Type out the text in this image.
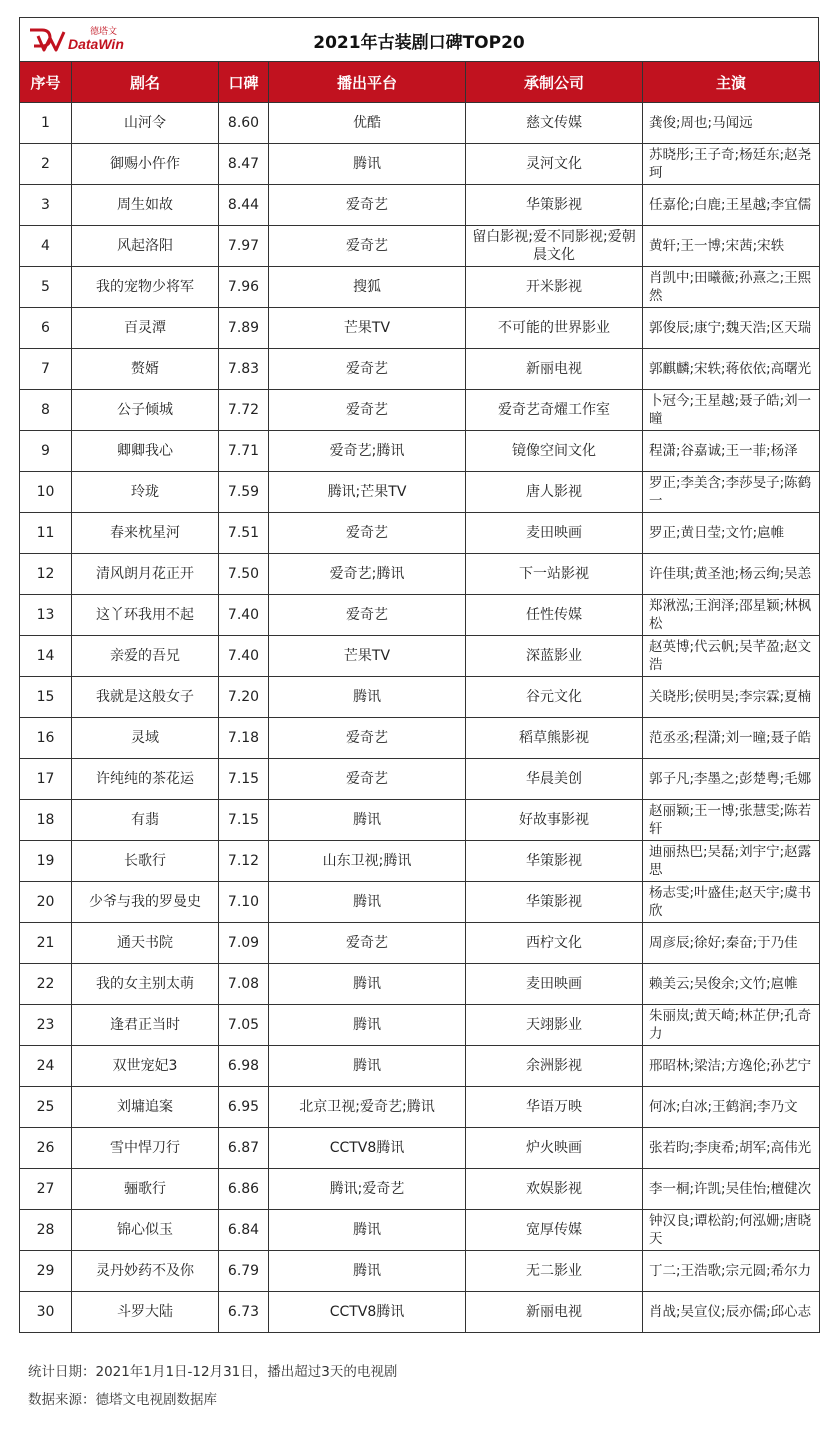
德塔文
DataWin	2021年古装剧口碑TOP20
序号	剧名	口碑	播出平台	承制公司	主演
1	山河令	8.60	优酷	慈文传媒	龚俊;周也;马闻远
2	御赐小仵作	8.47	腾讯	灵河文化	苏晓彤;王子奇;杨廷东;赵尧珂
3	周生如故	8.44	爱奇艺	华策影视	任嘉伦;白鹿;王星越;李宜儒
4	风起洛阳	7.97	爱奇艺	留白影视;爱不同影视;爱朝晨文化	黄轩;王一博;宋茜;宋轶
5	我的宠物少将军	7.96	搜狐	开米影视	肖凯中;田曦薇;孙熹之;王熙然
6	百灵潭	7.89	芒果TV	不可能的世界影业	郭俊辰;康宁;魏天浩;区天瑞
7	赘婿	7.83	爱奇艺	新丽电视	郭麒麟;宋轶;蒋依依;高曙光
8	公子倾城	7.72	爱奇艺	爱奇艺奇燿工作室	卜冠今;王星越;聂子皓;刘一曈
9	卿卿我心	7.71	爱奇艺;腾讯	镜像空间文化	程潇;谷嘉诚;王一菲;杨泽
10	玲珑	7.59	腾讯;芒果TV	唐人影视	罗正;李美含;李莎旻子;陈鹤一
11	春来枕星河	7.51	爱奇艺	麦田映画	罗正;黄日莹;文竹;扈帷
12	清风朗月花正开	7.50	爱奇艺;腾讯	下一站影视	许佳琪;黄圣池;杨云绚;吴恙
13	这丫环我用不起	7.40	爱奇艺	任性传媒	郑湫泓;王润泽;邵星颖;林枫松
14	亲爱的吾兄	7.40	芒果TV	深蓝影业	赵英博;代云帆;吴芊盈;赵文浩
15	我就是这般女子	7.20	腾讯	谷元文化	关晓彤;侯明昊;李宗霖;夏楠
16	灵域	7.18	爱奇艺	稻草熊影视	范丞丞;程潇;刘一曈;聂子皓
17	许纯纯的茶花运	7.15	爱奇艺	华晨美创	郭子凡;李墨之;彭楚粤;毛娜
18	有翡	7.15	腾讯	好故事影视	赵丽颖;王一博;张慧雯;陈若轩
19	长歌行	7.12	山东卫视;腾讯	华策影视	迪丽热巴;吴磊;刘宇宁;赵露思
20	少爷与我的罗曼史	7.10	腾讯	华策影视	杨志雯;叶盛佳;赵天宇;虞书欣
21	通天书院	7.09	爱奇艺	西柠文化	周彦辰;徐好;秦奋;于乃佳
22	我的女主别太萌	7.08	腾讯	麦田映画	赖美云;吴俊余;文竹;扈帷
23	逢君正当时	7.05	腾讯	天翊影业	朱丽岚;黄天崎;林芷伊;孔奇力
24	双世宠妃3	6.98	腾讯	余洲影视	邢昭林;梁洁;方逸伦;孙艺宁
25	刘墉追案	6.95	北京卫视;爱奇艺;腾讯	华语万映	何冰;白冰;王鹤润;李乃文
26	雪中悍刀行	6.87	CCTV8腾讯	炉火映画	张若昀;李庚希;胡军;高伟光
27	骊歌行	6.86	腾讯;爱奇艺	欢娱影视	李一桐;许凯;吴佳怡;檀健次
28	锦心似玉	6.84	腾讯	宽厚传媒	钟汉良;谭松韵;何泓姗;唐晓天
29	灵丹妙药不及你	6.79	腾讯	无二影业	丁二;王浩歌;宗元圆;希尔力
30	斗罗大陆	6.73	CCTV8腾讯	新丽电视	肖战;吴宣仪;辰亦儒;邱心志
统计日期：2021年1月1日-12月31日，播出超过3天的电视剧
数据来源：德塔文电视剧数据库
